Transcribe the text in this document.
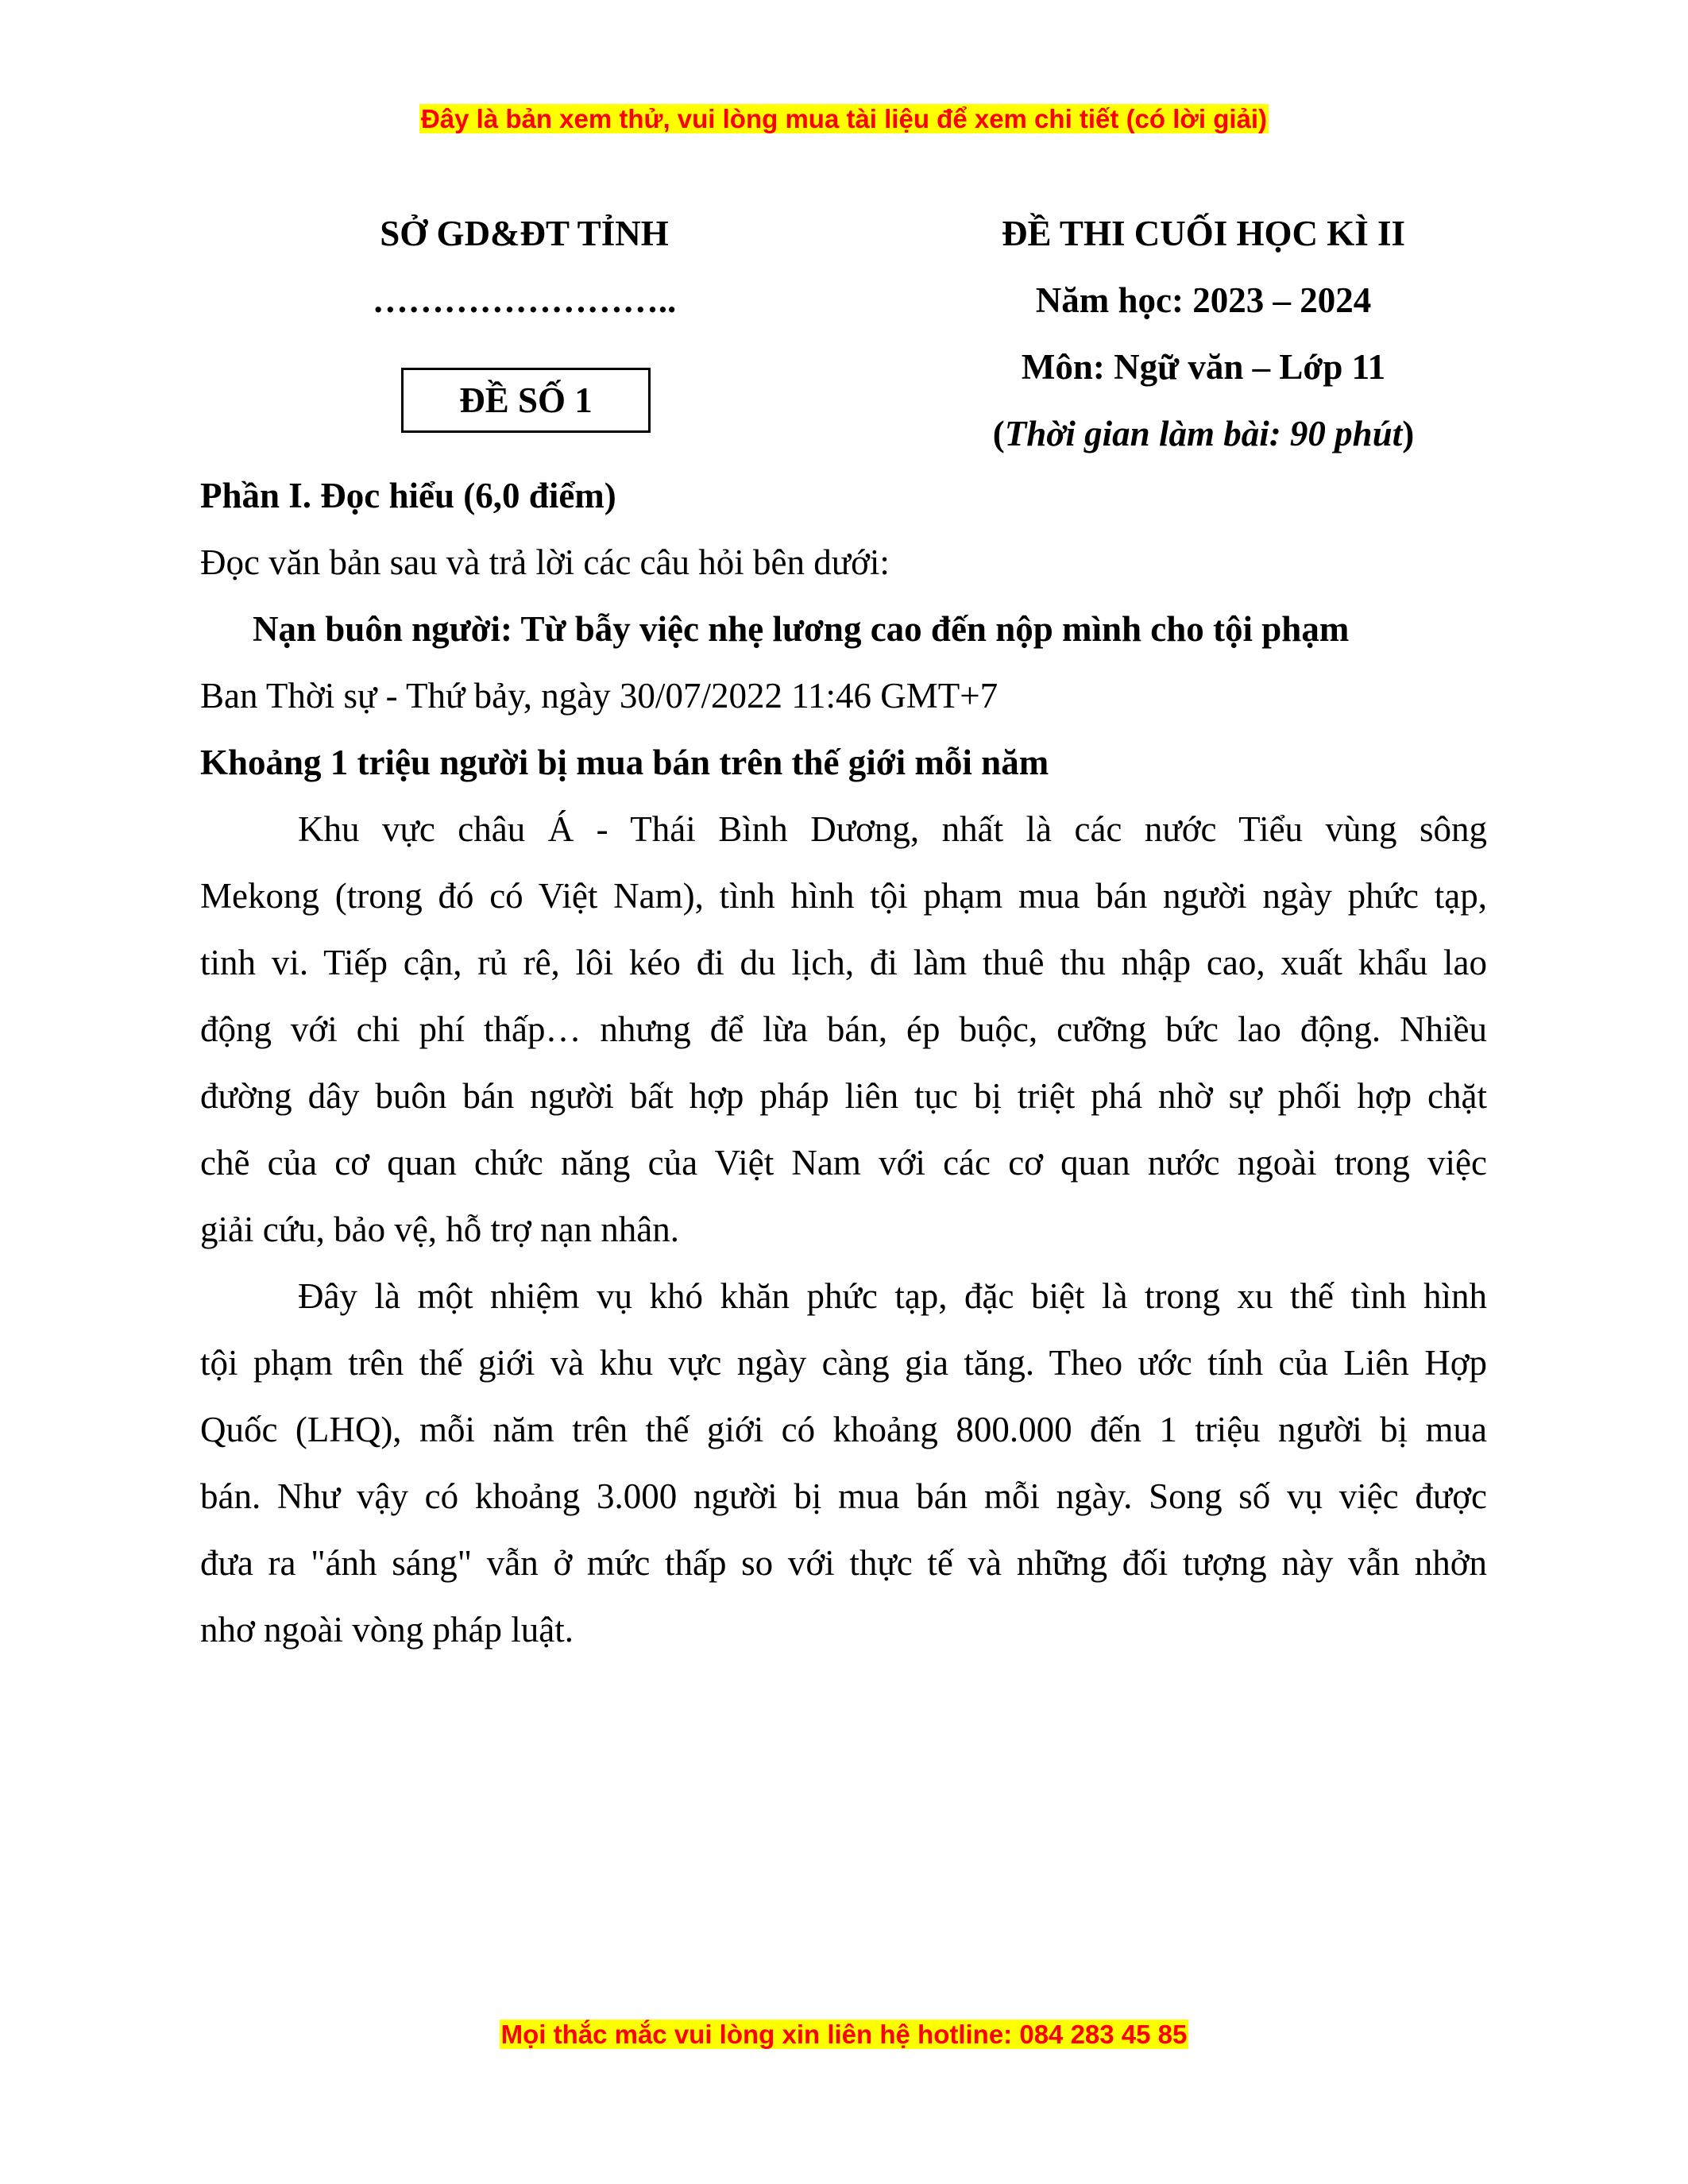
Đây là bản xem thử, vui lòng mua tài liệu để xem chi tiết (có lời giải)
SỞ GD&ĐT TỈNH
……………………..
ĐỀ SỐ 1
ĐỀ THI CUỐI HỌC KÌ II
Năm học: 2023 – 2024
Môn: Ngữ văn – Lớp 11
(Thời gian làm bài: 90 phút)
Phần I. Đọc hiểu (6,0 điểm)
Đọc văn bản sau và trả lời các câu hỏi bên dưới:
Nạn buôn người: Từ bẫy việc nhẹ lương cao đến nộp mình cho tội phạm
Ban Thời sự - Thứ bảy, ngày 30/07/2022 11:46 GMT+7
Khoảng 1 triệu người bị mua bán trên thế giới mỗi năm
Khu vực châu Á - Thái Bình Dương, nhất là các nước Tiểu vùng sông
Mekong (trong đó có Việt Nam), tình hình tội phạm mua bán người ngày phức tạp,
tinh vi. Tiếp cận, rủ rê, lôi kéo đi du lịch, đi làm thuê thu nhập cao, xuất khẩu lao
động với chi phí thấp… nhưng để lừa bán, ép buộc, cưỡng bức lao động. Nhiều
đường dây buôn bán người bất hợp pháp liên tục bị triệt phá nhờ sự phối hợp chặt
chẽ của cơ quan chức năng của Việt Nam với các cơ quan nước ngoài trong việc
giải cứu, bảo vệ, hỗ trợ nạn nhân.
Đây là một nhiệm vụ khó khăn phức tạp, đặc biệt là trong xu thế tình hình
tội phạm trên thế giới và khu vực ngày càng gia tăng. Theo ước tính của Liên Hợp
Quốc (LHQ), mỗi năm trên thế giới có khoảng 800.000 đến 1 triệu người bị mua
bán. Như vậy có khoảng 3.000 người bị mua bán mỗi ngày. Song số vụ việc được
đưa ra "ánh sáng" vẫn ở mức thấp so với thực tế và những đối tượng này vẫn nhởn
nhơ ngoài vòng pháp luật.
Mọi thắc mắc vui lòng xin liên hệ hotline: 084 283 45 85
